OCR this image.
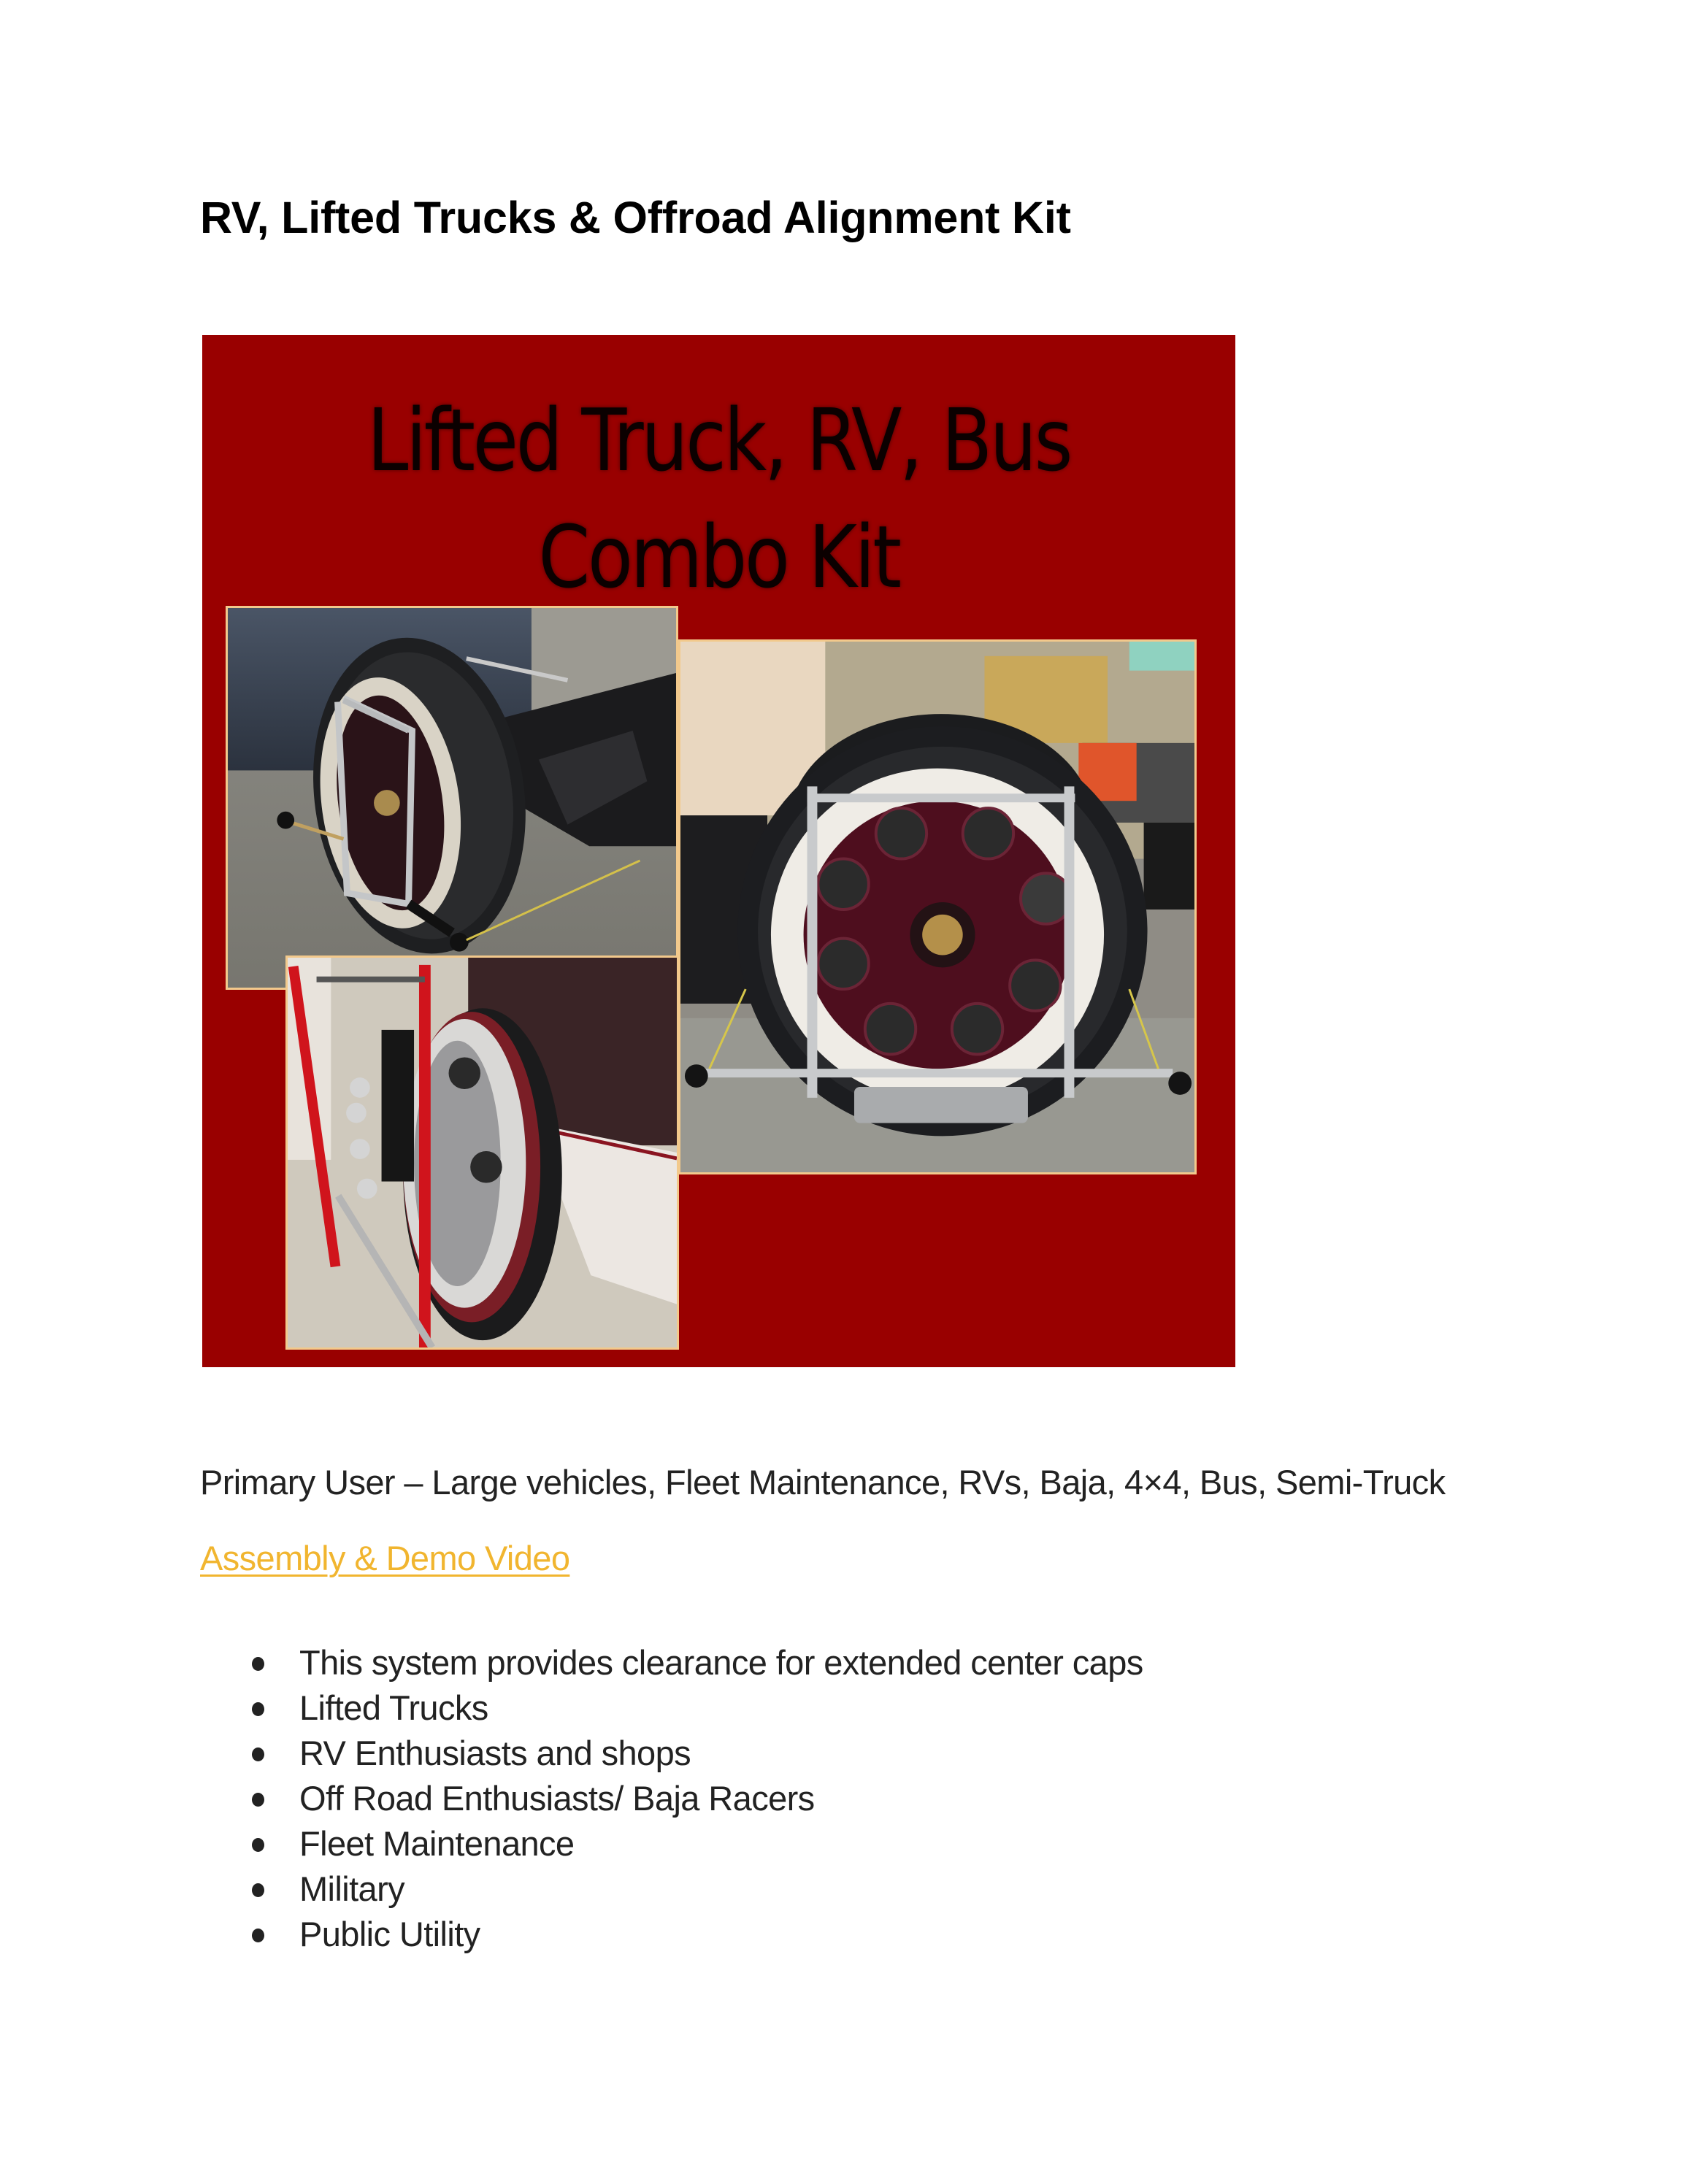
RV, Lifted Trucks & Offroad Alignment Kit
Lifted Truck, RV, Bus
Combo Kit
Primary User – Large vehicles, Fleet Maintenance, RVs, Baja, 4×4, Bus, Semi-Truck
Assembly & Demo Video
This system provides clearance for extended center caps
Lifted Trucks
RV Enthusiasts and shops
Off Road Enthusiasts/ Baja Racers
Fleet Maintenance
Military
Public Utility
